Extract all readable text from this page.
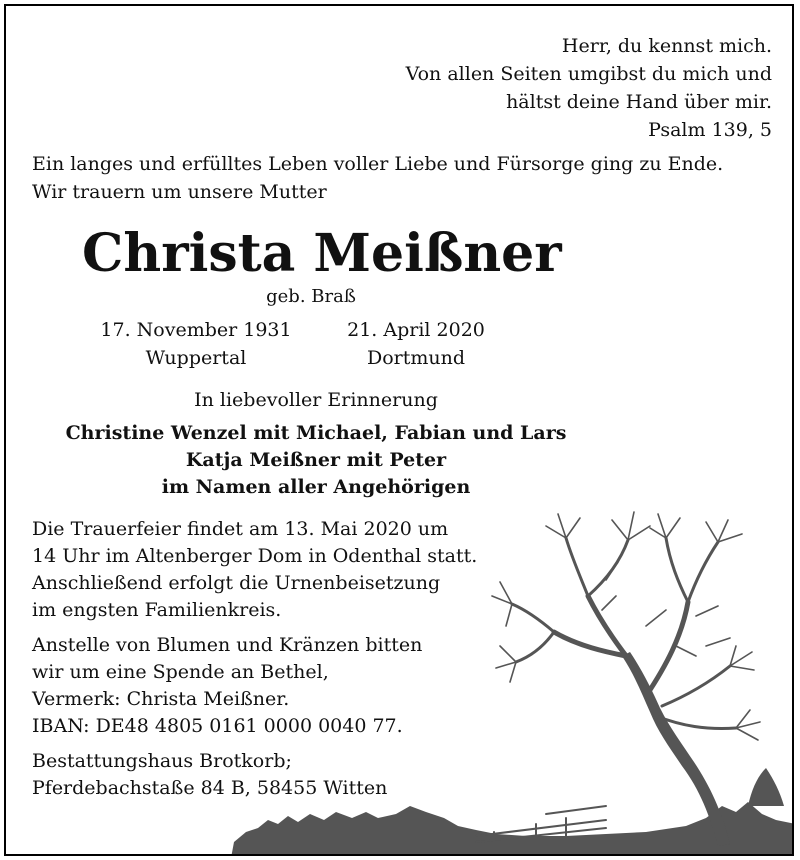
Herr, du kennst mich.
Von allen Seiten umgibst du mich und
hältst deine Hand über mir.
Psalm 139, 5
Ein langes und erfülltes Leben voller Liebe und Fürsorge ging zu Ende.
Wir trauern um unsere Mutter
Christa Meißner
geb. Braß
17. November 1931
Wuppertal
21. April 2020
Dortmund
In liebevoller Erinnerung
Christine Wenzel mit Michael, Fabian und Lars
Katja Meißner mit Peter
im Namen aller Angehörigen
Die Trauerfeier findet am 13. Mai 2020 um
14 Uhr im Altenberger Dom in Odenthal statt.
Anschließend erfolgt die Urnenbeisetzung
im engsten Familienkreis.
Anstelle von Blumen und Kränzen bitten
wir um eine Spende an Bethel,
Vermerk: Christa Meißner.
IBAN: DE48 4805 0161 0000 0040 77.
Bestattungshaus Brotkorb;
Pferdebachstaße 84 B, 58455 Witten
